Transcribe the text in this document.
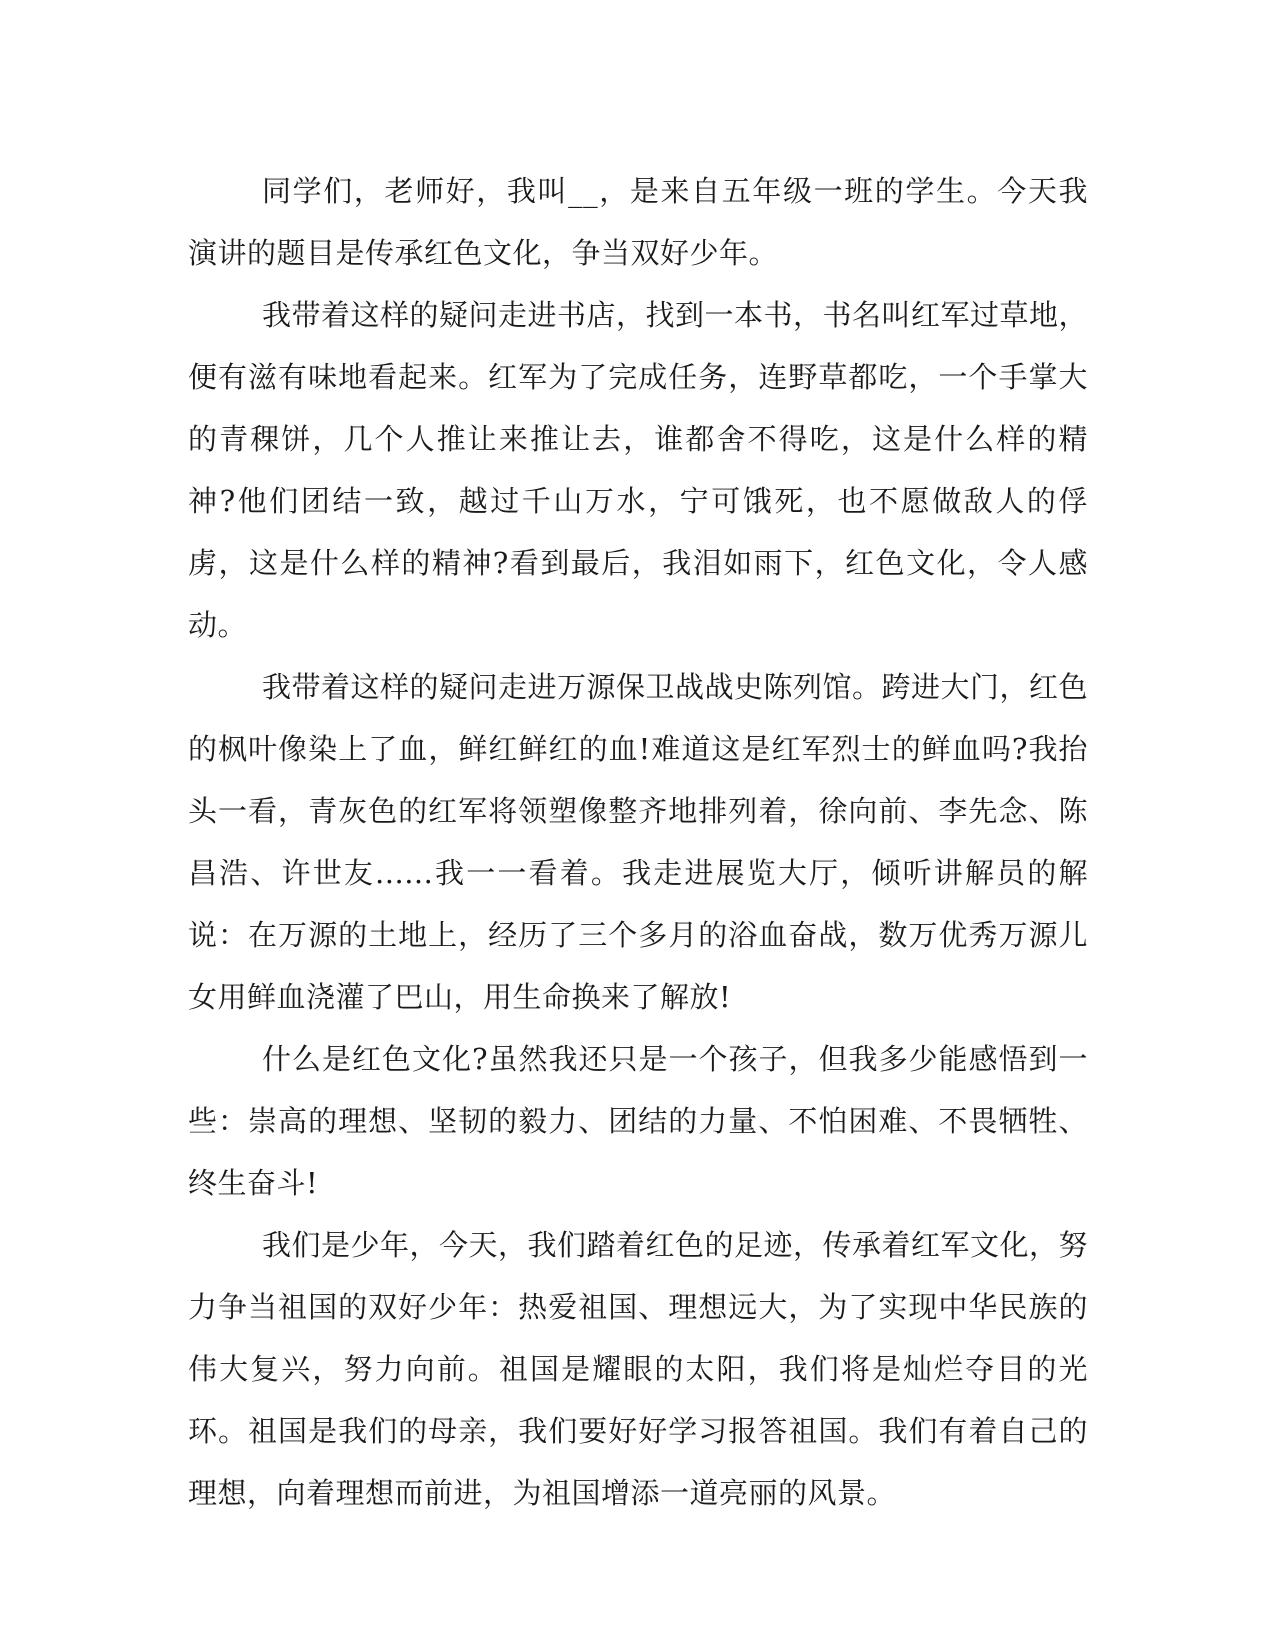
同学们，老师好，我叫__，是来自五年级一班的学生。今天我演讲的题目是传承红色文化，争当双好少年。

我带着这样的疑问走进书店，找到一本书，书名叫红军过草地，便有滋有味地看起来。红军为了完成任务，连野草都吃，一个手掌大的青稞饼，几个人推让来推让去，谁都舍不得吃，这是什么样的精神?他们团结一致，越过千山万水，宁可饿死，也不愿做敌人的俘虏，这是什么样的精神?看到最后，我泪如雨下，红色文化，令人感动。

我带着这样的疑问走进万源保卫战战史陈列馆。跨进大门，红色的枫叶像染上了血，鲜红鲜红的血!难道这是红军烈士的鲜血吗?我抬头一看，青灰色的红军将领塑像整齐地排列着，徐向前、李先念、陈昌浩、许世友......我一一看着。我走进展览大厅，倾听讲解员的解说：在万源的土地上，经历了三个多月的浴血奋战，数万优秀万源儿女用鲜血浇灌了巴山，用生命换来了解放!

什么是红色文化?虽然我还只是一个孩子，但我多少能感悟到一些：崇高的理想、坚韧的毅力、团结的力量、不怕困难、不畏牺牲、终生奋斗!

我们是少年，今天，我们踏着红色的足迹，传承着红军文化，努力争当祖国的双好少年：热爱祖国、理想远大，为了实现中华民族的伟大复兴，努力向前。祖国是耀眼的太阳，我们将是灿烂夺目的光环。祖国是我们的母亲，我们要好好学习报答祖国。我们有着自己的理想，向着理想而前进，为祖国增添一道亮丽的风景。
